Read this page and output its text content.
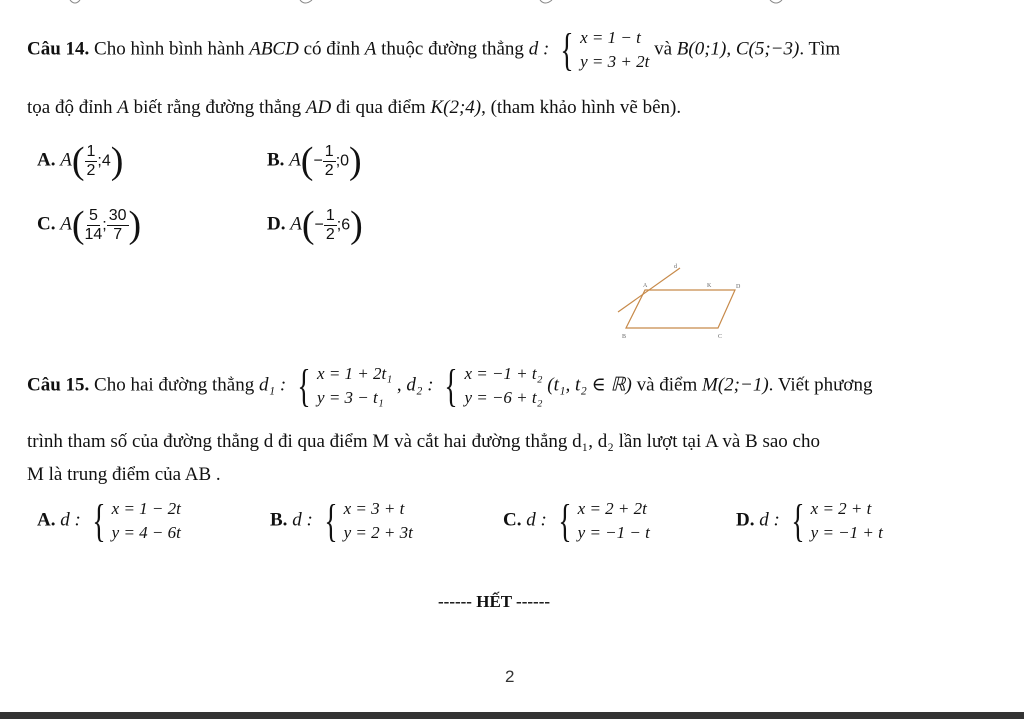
Câu 14. Cho hình bình hành ABCD có đỉnh A thuộc đường thẳng d : { x = 1 − t
y = 3 + 2t
và B(0;1), C(5;−3). Tìm
tọa độ đỉnh A biết rằng đường thẳng AD đi qua điểm K(2;4), (tham khảo hình vẽ bên).
A. $A( \frac{1}{2}$ ;4)	B. $A(- \frac{1}{2}$ ;0)
C. $A( \frac{5}{14}$ ; $\frac{30}{7}$ )	D. $A(- \frac{1}{2}$ ;6)
d
A	K	D
B	C
Câu 15. Cho hai đường thẳng d₁ : { x = 1 + 2t₁
y = 3 − t₁
, d₂ : { x = −1 + t₂
y = −6 + t₂
(t₁, t₂ ∈ ℝ) và điểm M(2;−1). Viết phương
trình tham số của đường thẳng d đi qua điểm M và cắt hai đường thẳng d₁, d₂ lần lượt tại A và B sao cho
M là trung điểm của AB .
A. d : { x = 1 − 2t
y = 4 − 6t
B. d : { x = 3 + t
y = 2 + 3t
C. d : { x = 2 + 2t
y = −1 − t
D. d : { x = 2 + t
y = −1 + t
------ HẾT ------
2
